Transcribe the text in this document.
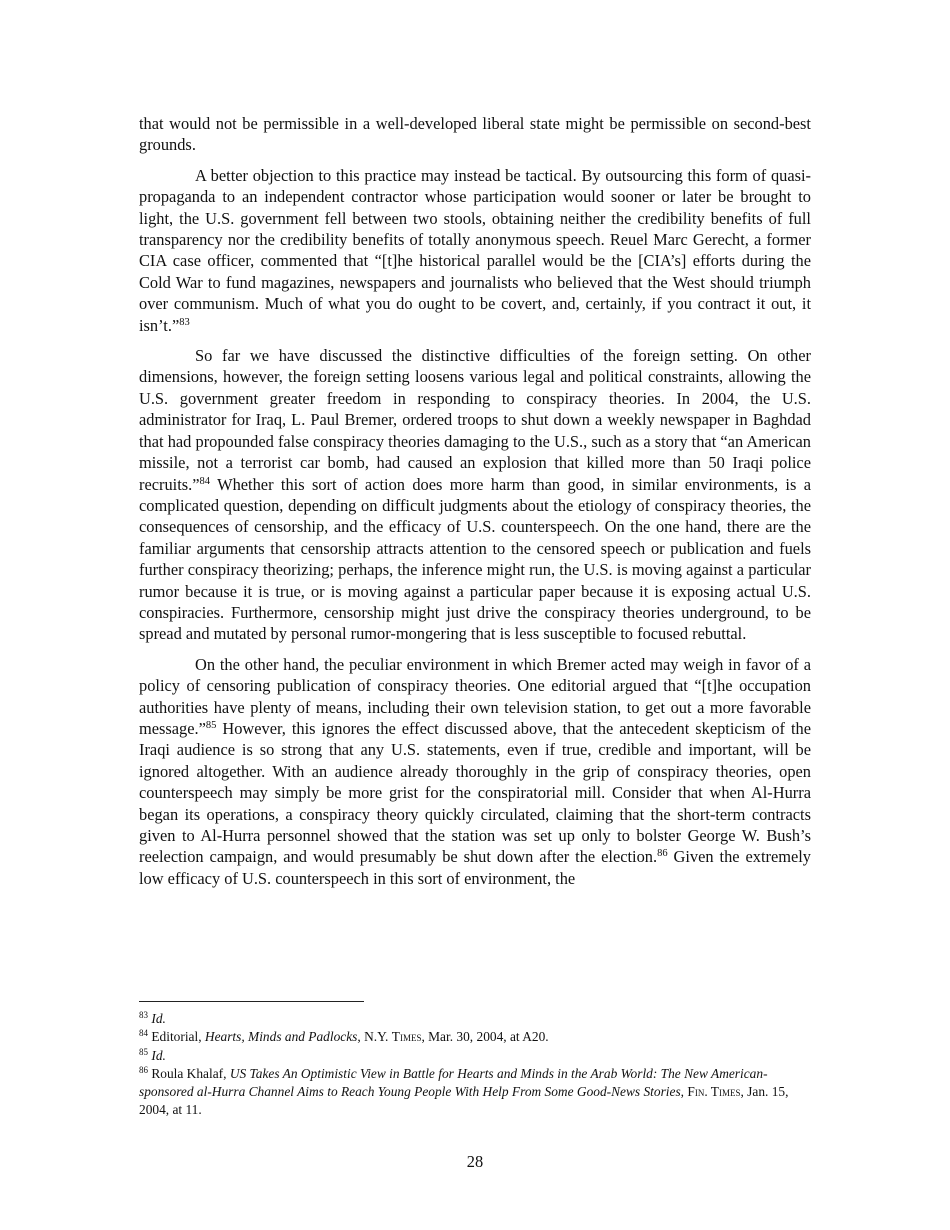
that would not be permissible in a well-developed liberal state might be permissible on second-best grounds.

A better objection to this practice may instead be tactical. By outsourcing this form of quasi-propaganda to an independent contractor whose participation would sooner or later be brought to light, the U.S. government fell between two stools, obtaining neither the credibility benefits of full transparency nor the credibility benefits of totally anonymous speech. Reuel Marc Gerecht, a former CIA case officer, commented that “[t]he historical parallel would be the [CIA’s] efforts during the Cold War to fund magazines, newspapers and journalists who believed that the West should triumph over communism. Much of what you do ought to be covert, and, certainly, if you contract it out, it isn’t.”$^{83}$

So far we have discussed the distinctive difficulties of the foreign setting. On other dimensions, however, the foreign setting loosens various legal and political constraints, allowing the U.S. government greater freedom in responding to conspiracy theories. In 2004, the U.S. administrator for Iraq, L. Paul Bremer, ordered troops to shut down a weekly newspaper in Baghdad that had propounded false conspiracy theories damaging to the U.S., such as a story that “an American missile, not a terrorist car bomb, had caused an explosion that killed more than 50 Iraqi police recruits.”$^{84}$ Whether this sort of action does more harm than good, in similar environments, is a complicated question, depending on difficult judgments about the etiology of conspiracy theories, the consequences of censorship, and the efficacy of U.S. counterspeech. On the one hand, there are the familiar arguments that censorship attracts attention to the censored speech or publication and fuels further conspiracy theorizing; perhaps, the inference might run, the U.S. is moving against a particular rumor because it is true, or is moving against a particular paper because it is exposing actual U.S. conspiracies. Furthermore, censorship might just drive the conspiracy theories underground, to be spread and mutated by personal rumor-mongering that is less susceptible to focused rebuttal.

On the other hand, the peculiar environment in which Bremer acted may weigh in favor of a policy of censoring publication of conspiracy theories. One editorial argued that “[t]he occupation authorities have plenty of means, including their own television station, to get out a more favorable message.”$^{85}$ However, this ignores the effect discussed above, that the antecedent skepticism of the Iraqi audience is so strong that any U.S. statements, even if true, credible and important, will be ignored altogether. With an audience already thoroughly in the grip of conspiracy theories, open counterspeech may simply be more grist for the conspiratorial mill. Consider that when Al-Hurra began its operations, a conspiracy theory quickly circulated, claiming that the short-term contracts given to Al-Hurra personnel showed that the station was set up only to bolster George W. Bush’s reelection campaign, and would presumably be shut down after the election.$^{86}$ Given the extremely low efficacy of U.S. counterspeech in this sort of environment, the

$^{83}$ Id.

$^{84}$ Editorial, Hearts, Minds and Padlocks, N.Y. Times, Mar. 30, 2004, at A20.

$^{85}$ Id.

$^{86}$ Roula Khalaf, US Takes An Optimistic View in Battle for Hearts and Minds in the Arab World: The New American-sponsored al-Hurra Channel Aims to Reach Young People With Help From Some Good-News Stories, Fin. Times, Jan. 15, 2004, at 11.

28
